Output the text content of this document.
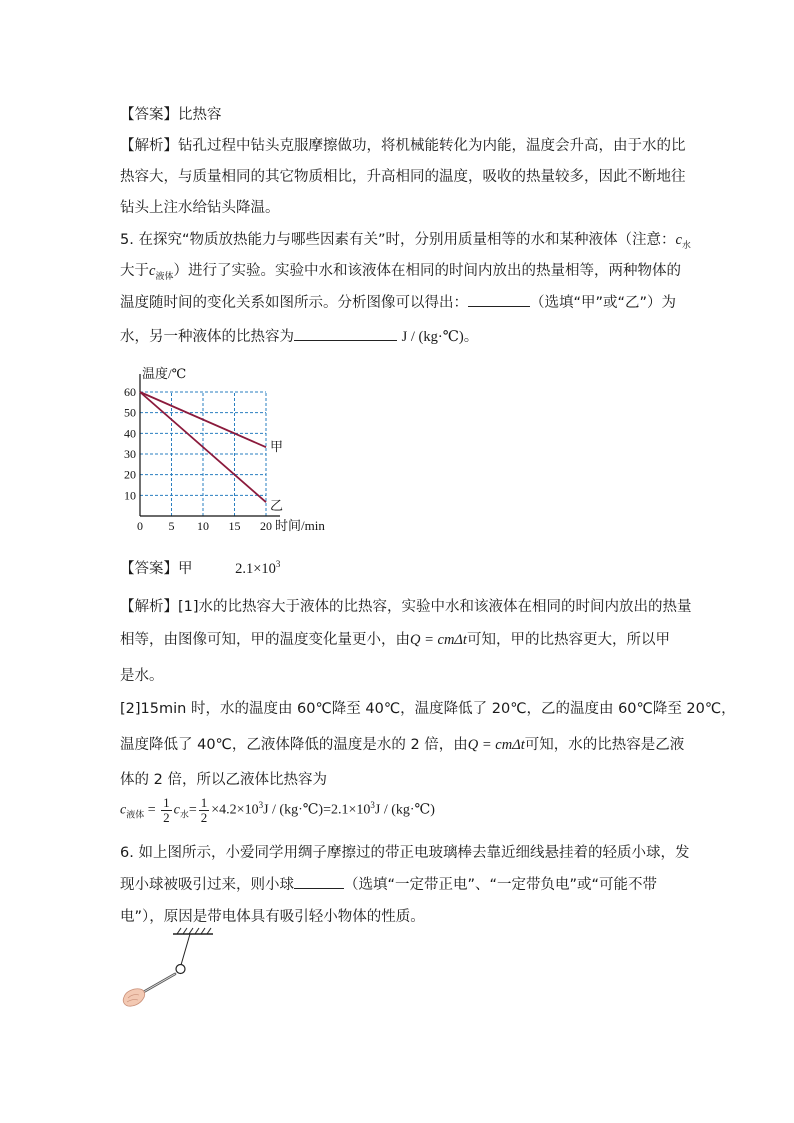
【答案】比热容
【解析】钻孔过程中钻头克服摩擦做功，将机械能转化为内能，温度会升高，由于水的比
热容大，与质量相同的其它物质相比，升高相同的温度，吸收的热量较多，因此不断地往
钻头上注水给钻头降温。
5. 在探究“物质放热能力与哪些因素有关”时，分别用质量相等的水和某种液体（注意：$c_水$
大于$c_{液体}$）进行了实验。实验中水和该液体在相同的时间内放出的热量相等，两种物体的
温度随时间的变化关系如图所示。分析图像可以得出：	（选填“甲”或“乙”）为
水，另一种液体的比热容为	J / (kg·℃)。
0 5 10 15 20
10
20
30
40
50
60
甲
乙
温度/℃
时间/min
【答案】甲	$2.1\times 10^3$
【解析】[1]水的比热容大于液体的比热容，实验中水和该液体在相同的时间内放出的热量
相等，由图像可知，甲的温度变化量更小，由Q = cmΔt可知，甲的比热容更大，所以甲
是水。
[2]15min 时，水的温度由 60℃降至 40℃，温度降低了 20℃，乙的温度由 60℃降至 20℃，
温度降低了 40℃，乙液体降低的温度是水的 2 倍，由Q = cmΔt可知，水的比热容是乙液
体的 2 倍，所以乙液体比热容为
$c_{液体} = \frac{1}{2} c_水= \frac{1}{2} \times 4.2\times 10^3J$ / $(kg\cdot℃)=2.1\times 10^3J$ / (kg·℃)
6. 如上图所示，小爱同学用绸子摩擦过的带正电玻璃棒去靠近细线悬挂着的轻质小球，发
现小球被吸引过来，则小球	（选填“一定带正电”、“一定带负电”或“可能不带
电”），原因是带电体具有吸引轻小物体的性质。
